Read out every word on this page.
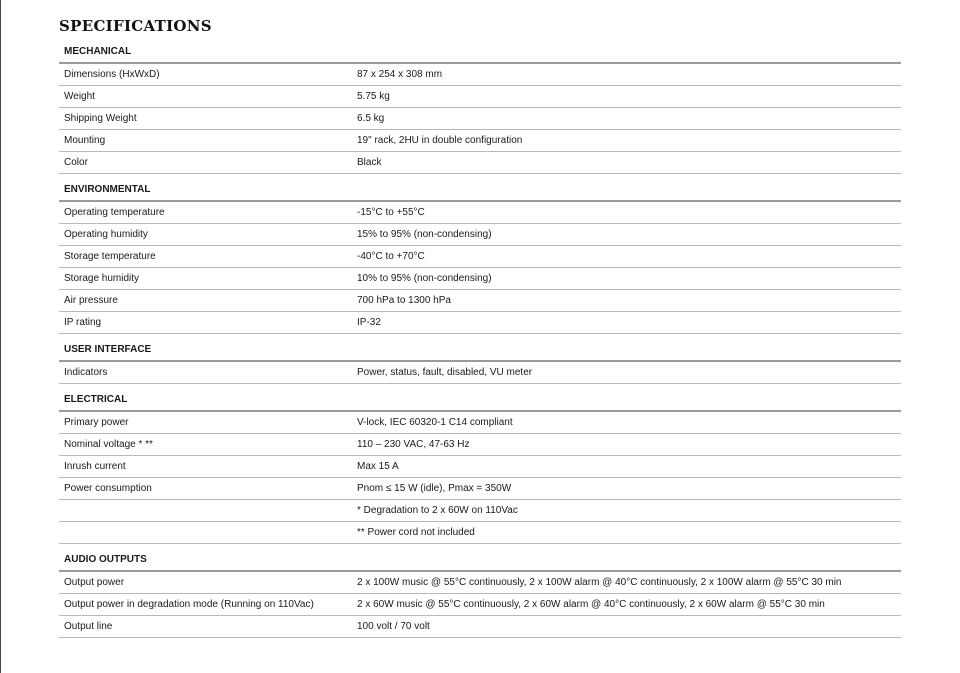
SPECIFICATIONS
MECHANICAL
Dimensions (HxWxD)	87 x 254 x 308 mm
Weight	5.75 kg
Shipping Weight	6.5 kg
Mounting	19" rack, 2HU in double configuration
Color	Black
ENVIRONMENTAL
Operating temperature	-15°C to +55°C
Operating humidity	15% to 95% (non-condensing)
Storage temperature	-40°C to +70°C
Storage humidity	10% to 95% (non-condensing)
Air pressure	700 hPa to 1300 hPa
IP rating	IP-32
USER INTERFACE
Indicators	Power, status, fault, disabled, VU meter
ELECTRICAL
Primary power	V-lock, IEC 60320-1 C14 compliant
Nominal voltage * **	110 – 230 VAC, 47-63 Hz
Inrush current	Max 15 A
Power consumption	Pnom ≤ 15 W (idle), Pmax = 350W
* Degradation to 2 x 60W on 110Vac
** Power cord not included
AUDIO OUTPUTS
Output power	2 x 100W music @ 55°C continuously, 2 x 100W alarm @ 40°C continuously, 2 x 100W alarm @ 55°C 30 min
Output power in degradation mode (Running on 110Vac)	2 x 60W music @ 55°C continuously, 2 x 60W alarm @ 40°C continuously, 2 x 60W alarm @ 55°C 30 min
Output line	100 volt / 70 volt
